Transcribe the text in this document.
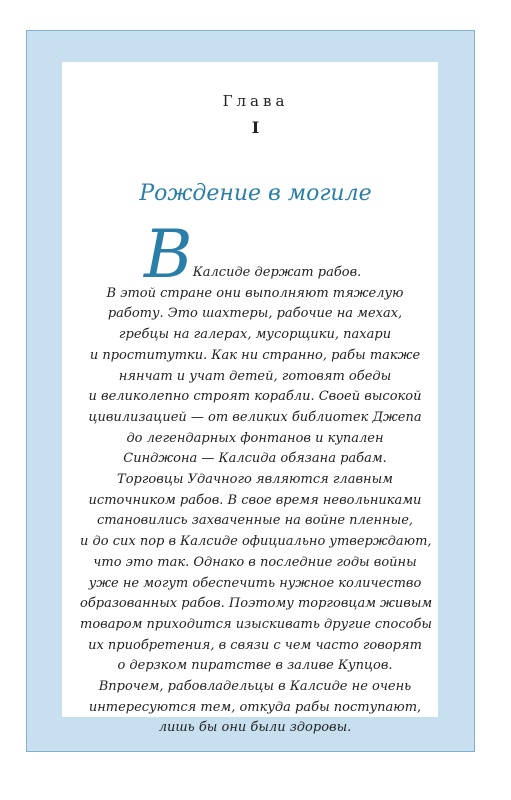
Глава
I
Рождение в могиле
В Калсиде держат рабов.
В этой стране они выполняют тяжелую
работу. Это шахтеры, рабочие на мехах,
гребцы на галерах, мусорщики, пахари
и проститутки. Как ни странно, рабы также
нянчат и учат детей, готовят обеды
и великолепно строят корабли. Своей высокой
цивилизацией — от великих библиотек Джепа
до легендарных фонтанов и купален
Синджона — Калсида обязана рабам.
Торговцы Удачного являются главным
источником рабов. В свое время невольниками
становились захваченные на войне пленные,
и до сих пор в Калсиде официально утверждают,
что это так. Однако в последние годы войны
уже не могут обеспечить нужное количество
образованных рабов. Поэтому торговцам живым
товаром приходится изыскивать другие способы
их приобретения, в связи с чем часто говорят
о дерзком пиратстве в заливе Купцов.
Впрочем, рабовладельцы в Калсиде не очень
интересуются тем, откуда рабы поступают,
лишь бы они были здоровы.
